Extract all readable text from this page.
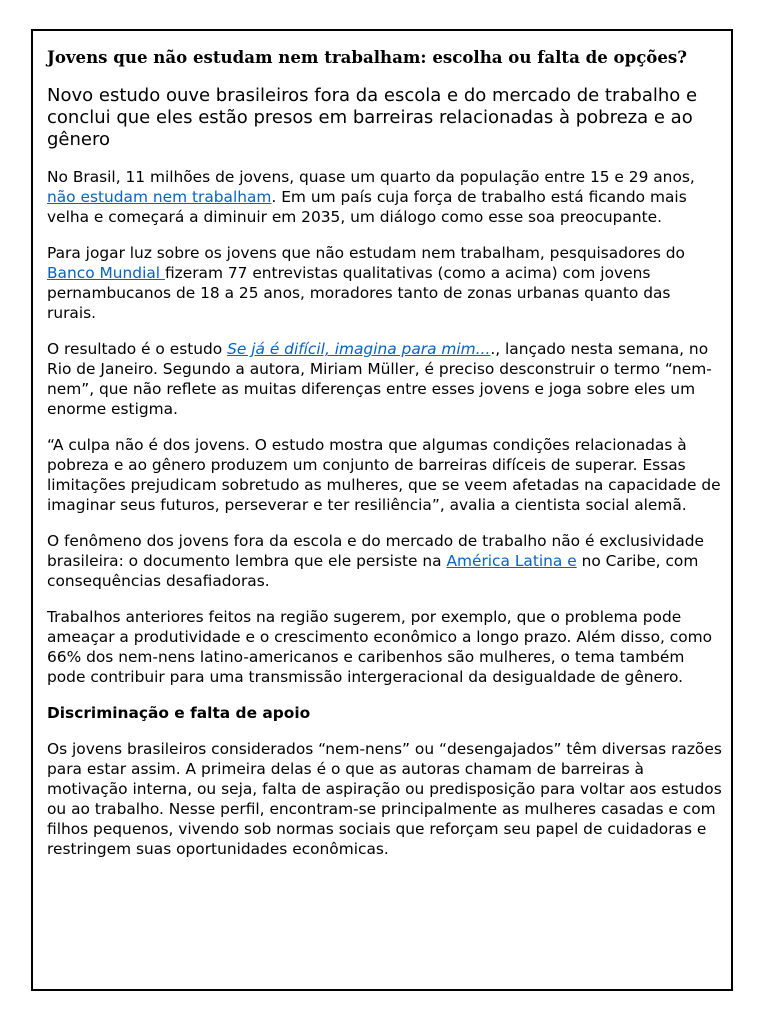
Jovens que não estudam nem trabalham: escolha ou falta de opções?
Novo estudo ouve brasileiros fora da escola e do mercado de trabalho e conclui que eles estão presos em barreiras relacionadas à pobreza e ao gênero

No Brasil, 11 milhões de jovens, quase um quarto da população entre 15 e 29 anos, não estudam nem trabalham. Em um país cuja força de trabalho está ficando mais velha e começará a diminuir em 2035, um diálogo como esse soa preocupante.

Para jogar luz sobre os jovens que não estudam nem trabalham, pesquisadores do Banco Mundial fizeram 77 entrevistas qualitativas (como a acima) com jovens pernambucanos de 18 a 25 anos, moradores tanto de zonas urbanas quanto das rurais.

O resultado é o estudo Se já é difícil, imagina para mim...., lançado nesta semana, no Rio de Janeiro. Segundo a autora, Miriam Müller, é preciso desconstruir o termo “nem-nem”, que não reflete as muitas diferenças entre esses jovens e joga sobre eles um enorme estigma.

“A culpa não é dos jovens. O estudo mostra que algumas condições relacionadas à pobreza e ao gênero produzem um conjunto de barreiras difíceis de superar. Essas limitações prejudicam sobretudo as mulheres, que se veem afetadas na capacidade de imaginar seus futuros, perseverar e ter resiliência”, avalia a cientista social alemã.

O fenômeno dos jovens fora da escola e do mercado de trabalho não é exclusividade brasileira: o documento lembra que ele persiste na América Latina e no Caribe, com consequências desafiadoras.

Trabalhos anteriores feitos na região sugerem, por exemplo, que o problema pode ameaçar a produtividade e o crescimento econômico a longo prazo. Além disso, como 66% dos nem-nens latino-americanos e caribenhos são mulheres, o tema também pode contribuir para uma transmissão intergeracional da desigualdade de gênero.

Discriminação e falta de apoio

Os jovens brasileiros considerados “nem-nens” ou “desengajados” têm diversas razões para estar assim. A primeira delas é o que as autoras chamam de barreiras à motivação interna, ou seja, falta de aspiração ou predisposição para voltar aos estudos ou ao trabalho. Nesse perfil, encontram-se principalmente as mulheres casadas e com filhos pequenos, vivendo sob normas sociais que reforçam seu papel de cuidadoras e restringem suas oportunidades econômicas.
